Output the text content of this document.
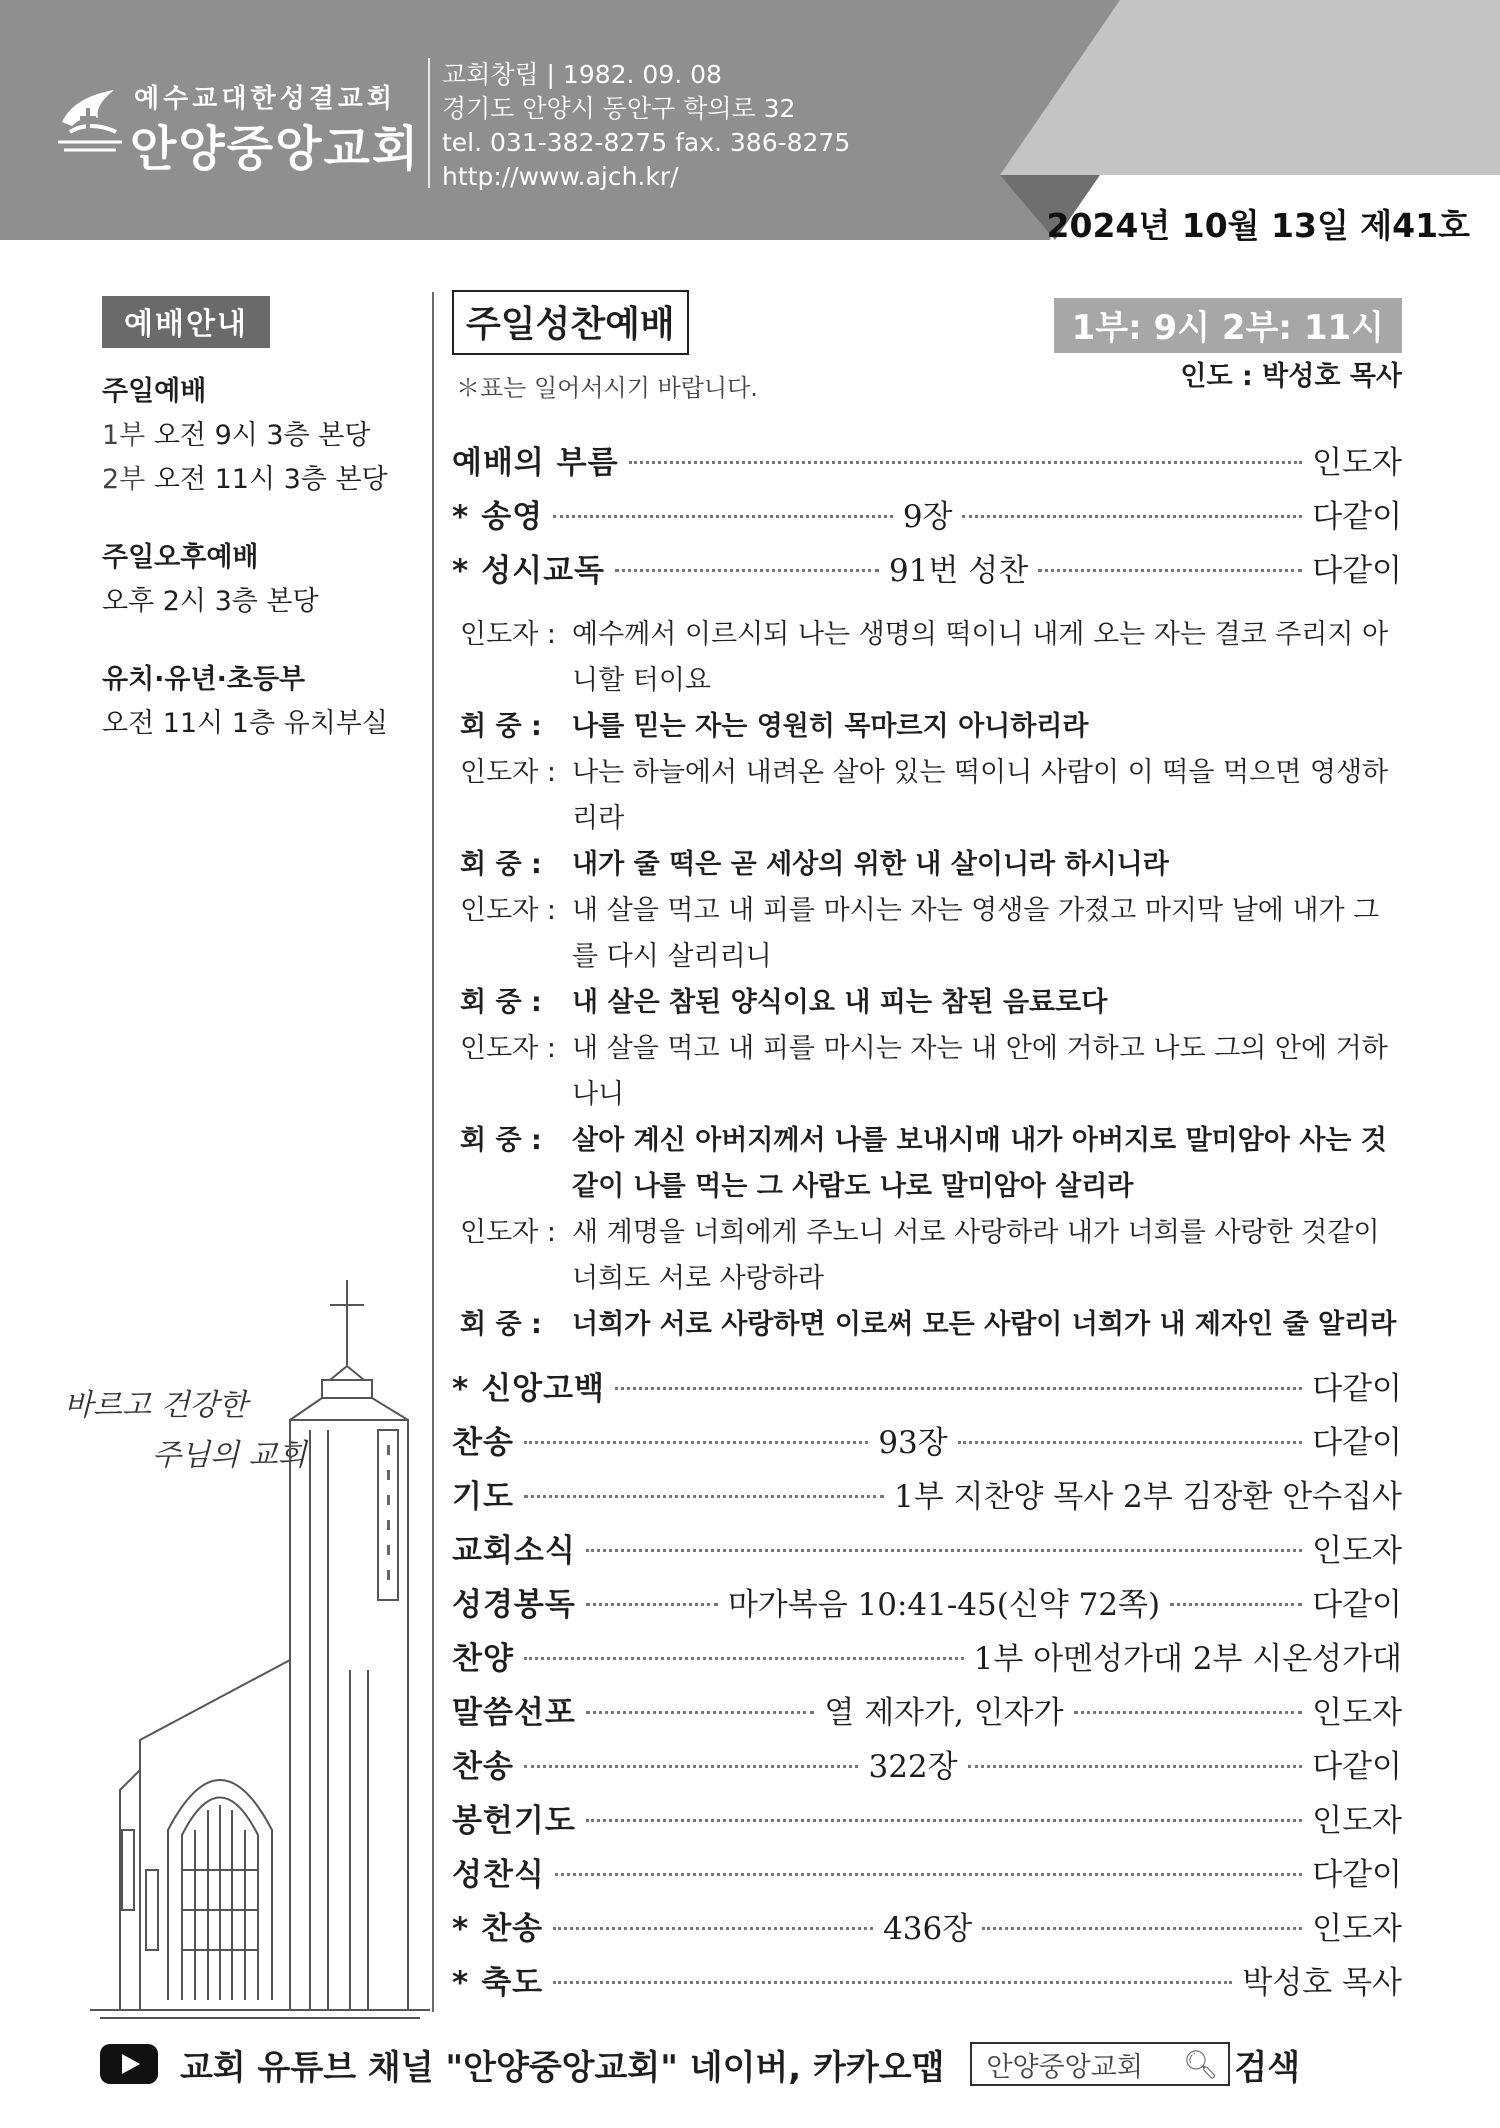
예수교대한성결교회
안양중앙교회
교회창립 | 1982. 09. 08
경기도 안양시 동안구 학의로 32
tel. 031-382-8275 fax. 386-8275
http://www.ajch.kr/
2024년 10월 13일 제41호
예배안내
주일예배
1부 오전 9시 3층 본당
2부 오전 11시 3층 본당
주일오후예배
오후 2시 3층 본당
유치·유년·초등부
오전 11시 1층 유치부실
바르고 건강한
주님의 교회
주일성찬예배	1부: 9시 2부: 11시
인도 : 박성호 목사
＊표는 일어서시기 바랍니다.
예배의 부름	인도자
* 송영	9장	다같이
* 성시교독	91번 성찬	다같이
인도자 : 예수께서 이르시되 나는 생명의 떡이니 내게 오는 자는 결코 주리지 아니할 터이요
회 중 :	나를 믿는 자는 영원히 목마르지 아니하리라
인도자 : 나는 하늘에서 내려온 살아 있는 떡이니 사람이 이 떡을 먹으면 영생하리라
회 중 :	내가 줄 떡은 곧 세상의 위한 내 살이니라 하시니라
인도자 : 내 살을 먹고 내 피를 마시는 자는 영생을 가졌고 마지막 날에 내가 그를 다시 살리리니
회 중 :	내 살은 참된 양식이요 내 피는 참된 음료로다
인도자 : 내 살을 먹고 내 피를 마시는 자는 내 안에 거하고 나도 그의 안에 거하나니
회 중 :	살아 계신 아버지께서 나를 보내시매 내가 아버지로 말미암아 사는 것같이 나를 먹는 그 사람도 나로 말미암아 살리라
인도자 : 새 계명을 너희에게 주노니 서로 사랑하라 내가 너희를 사랑한 것같이 너희도 서로 사랑하라
회 중 :	너희가 서로 사랑하면 이로써 모든 사람이 너희가 내 제자인 줄 알리라
* 신앙고백	다같이
찬송	93장	다같이
기도	1부 지찬양 목사 2부 김장환 안수집사
교회소식	인도자
성경봉독	마가복음 10:41-45(신약 72쪽)	다같이
찬양	1부 아멘성가대 2부 시온성가대
말씀선포	열 제자가, 인자가	인도자
찬송	322장	다같이
봉헌기도	인도자
성찬식	다같이
* 찬송	436장	인도자
* 축도	박성호 목사
교회 유튜브 채널 "안양중앙교회" 네이버, 카카오맵 안양중앙교회 🔍︎ 검색
